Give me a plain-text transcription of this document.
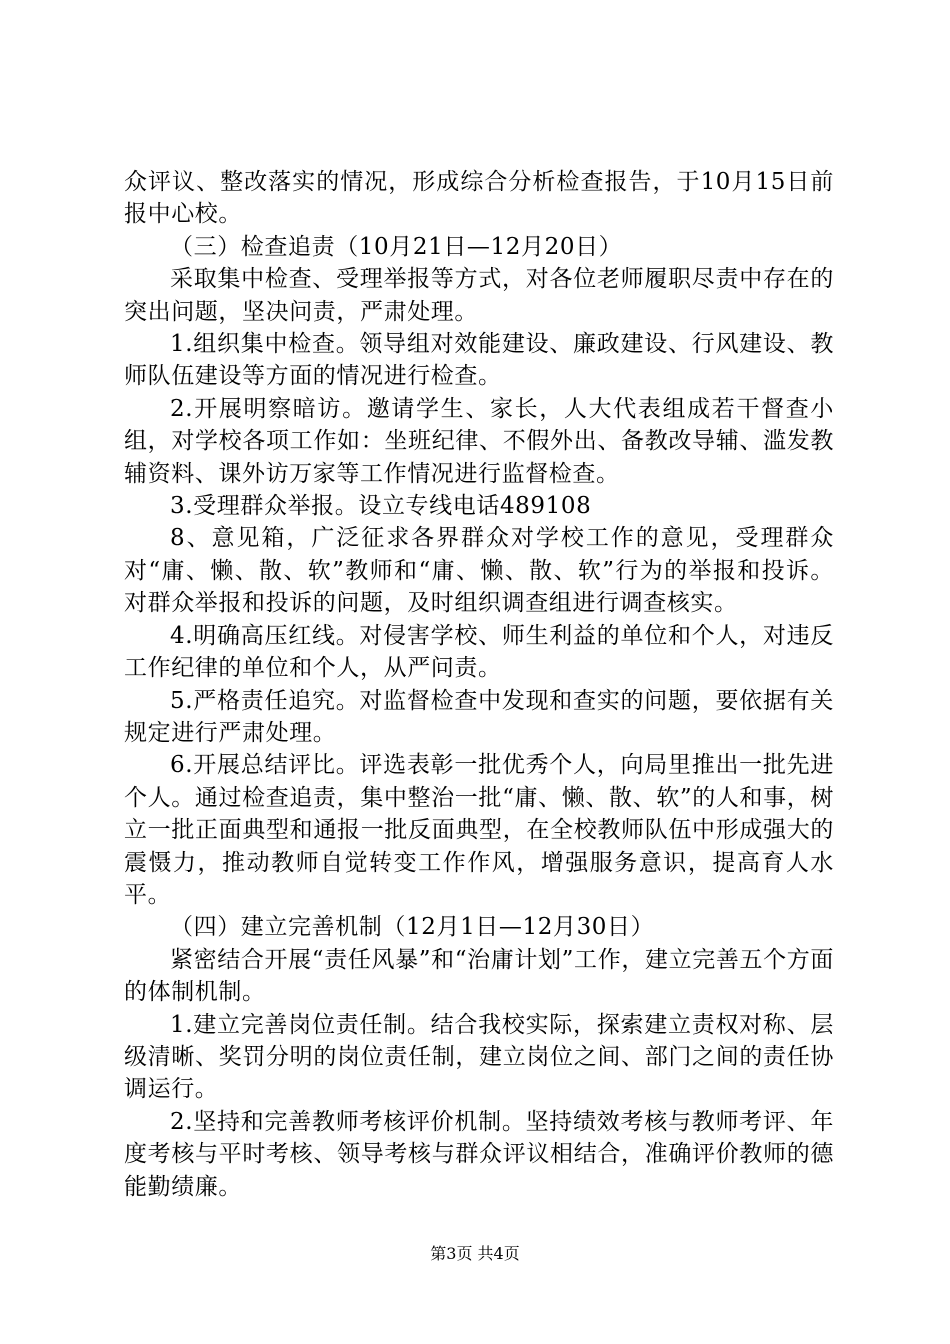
众评议、整改落实的情况，形成综合分析检查报告，于10月15日前报中心校。

（三）检查追责（10月21日—12月20日）

采取集中检查、受理举报等方式，对各位老师履职尽责中存在的突出问题，坚决问责，严肃处理。

1.组织集中检查。领导组对效能建设、廉政建设、行风建设、教师队伍建设等方面的情况进行检查。

2.开展明察暗访。邀请学生、家长，人大代表组成若干督查小组，对学校各项工作如：坐班纪律、不假外出、备教改导辅、滥发教辅资料、课外访万家等工作情况进行监督检查。

3.受理群众举报。设立专线电话489108

8、意见箱，广泛征求各界群众对学校工作的意见，受理群众对“庸、懒、散、软”教师和“庸、懒、散、软”行为的举报和投诉。对群众举报和投诉的问题，及时组织调查组进行调查核实。

4.明确高压红线。对侵害学校、师生利益的单位和个人，对违反工作纪律的单位和个人，从严问责。

5.严格责任追究。对监督检查中发现和查实的问题，要依据有关规定进行严肃处理。

6.开展总结评比。评选表彰一批优秀个人，向局里推出一批先进个人。通过检查追责，集中整治一批“庸、懒、散、软”的人和事，树立一批正面典型和通报一批反面典型，在全校教师队伍中形成强大的震慑力，推动教师自觉转变工作作风，增强服务意识，提高育人水平。

（四）建立完善机制（12月1日—12月30日）

紧密结合开展“责任风暴”和“治庸计划”工作，建立完善五个方面的体制机制。

1.建立完善岗位责任制。结合我校实际，探索建立责权对称、层级清晰、奖罚分明的岗位责任制，建立岗位之间、部门之间的责任协调运行。

2.坚持和完善教师考核评价机制。坚持绩效考核与教师考评、年度考核与平时考核、领导考核与群众评议相结合，准确评价教师的德能勤绩廉。

第3页 共4页
